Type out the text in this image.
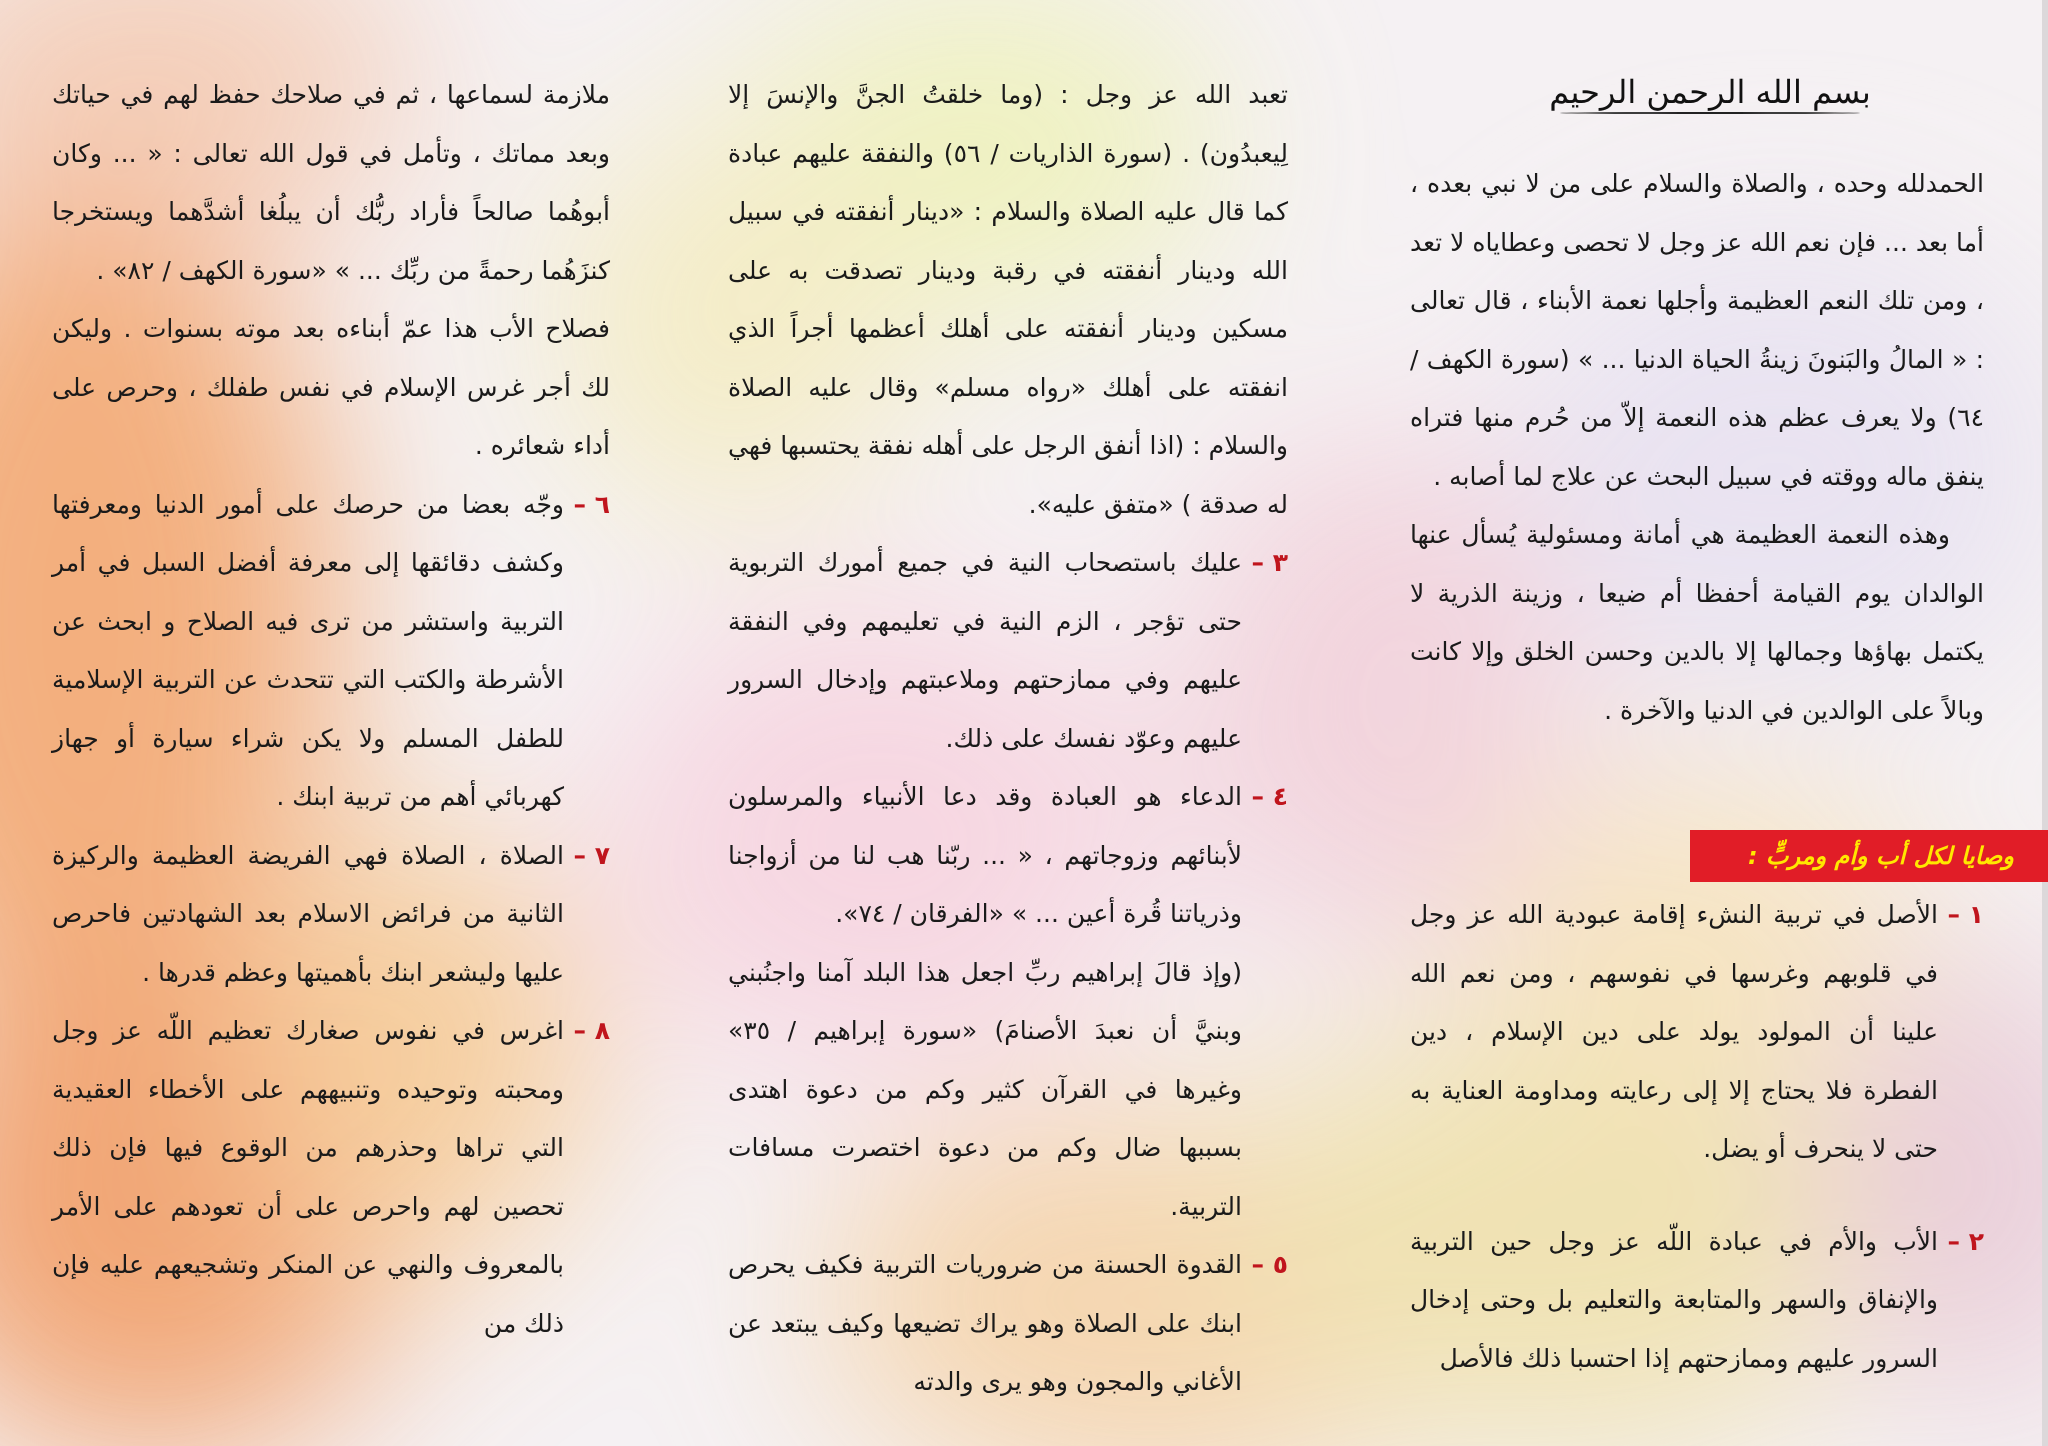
بسم الله الرحمن الرحيم

الحمدلله وحده ، والصلاة والسلام على من لا نبي بعده ، أما بعد ... فإن نعم الله عز وجل لا تحصى وعطاياه لا تعد ، ومن تلك النعم العظيمة وأجلها نعمة الأبناء ، قال تعالى : « المالُ والبَنونَ زينةُ الحياة الدنيا ... » (سورة الكهف / ٦٤) ولا يعرف عظم هذه النعمة إلاّ من حُرم منها فتراه ينفق ماله ووقته في سبيل البحث عن علاج لما أصابه .

وهذه النعمة العظيمة هي أمانة ومسئولية يُسأل عنها الوالدان يوم القيامة أحفظا أم ضيعا ، وزينة الذرية لا يكتمل بهاؤها وجمالها إلا بالدين وحسن الخلق وإلا كانت وبالاً على الوالدين في الدنيا والآخرة .

١ –
الأصل في تربية النشء إقامة عبودية الله عز وجل في قلوبهم وغرسها في نفوسهم ، ومن نعم الله علينا أن المولود يولد على دين الإسلام ، دين الفطرة فلا يحتاج إلا إلى رعايته ومداومة العناية به حتى لا ينحرف أو يضل.
٢ –
الأب والأم في عبادة اللّه عز وجل حين التربية والإنفاق والسهر والمتابعة والتعليم بل وحتى إدخال السرور عليهم وممازحتهم إذا احتسبا ذلك فالأصل
وصايا لكل أب وأم ومربٍّ :

تعبد الله عز وجل : (وما خلقتُ الجنَّ والإنسَ إلا لِيعبدُون) . (سورة الذاريات / ٥٦) والنفقة عليهم عبادة كما قال عليه الصلاة والسلام : «دينار أنفقته في سبيل الله ودينار أنفقته في رقبة ودينار تصدقت به على مسكين ودينار أنفقته على أهلك أعظمها أجراً الذي انفقته على أهلك «رواه مسلم» وقال عليه الصلاة والسلام : (اذا أنفق الرجل على أهله نفقة يحتسبها فهي له صدقة ) «متفق عليه».

٣ –
عليك باستصحاب النية في جميع أمورك التربوية حتى تؤجر ، الزم النية في تعليمهم وفي النفقة عليهم وفي ممازحتهم وملاعبتهم وإدخال السرور عليهم وعوّد نفسك على ذلك.
٤ –
الدعاء هو العبادة وقد دعا الأنبياء والمرسلون لأبنائهم وزوجاتهم ، « ... ربّنا هب لنا من أزواجنا وذرياتنا قُرة أعين ... » «الفرقان / ٧٤».

(وإذ قالَ إبراهيم ربِّ اجعل هذا البلد آمنا واجنُبني وبنيَّ أن نعبدَ الأصنامَ) «سورة إبراهيم / ٣٥» وغيرها في القرآن كثير وكم من دعوة اهتدى بسببها ضال وكم من دعوة اختصرت مسافات التربية.

٥ –
القدوة الحسنة من ضروريات التربية فكيف يحرص ابنك على الصلاة وهو يراك تضيعها وكيف يبتعد عن الأغاني والمجون وهو يرى والدته

ملازمة لسماعها ، ثم في صلاحك حفظ لهم في حياتك وبعد مماتك ، وتأمل في قول الله تعالى : « ... وكان أبوهُما صالحاً فأراد ربُّك أن يبلُغا أشدَّهما ويستخرجا كنزَهُما رحمةً من ربِّك ... » «سورة الكهف / ٨٢» .

فصلاح الأب هذا عمّ أبناءه بعد موته بسنوات . وليكن لك أجر غرس الإسلام في نفس طفلك ، وحرص على أداء شعائره .

٦ –
وجّه بعضا من حرصك على أمور الدنيا ومعرفتها وكشف دقائقها إلى معرفة أفضل السبل في أمر التربية واستشر من ترى فيه الصلاح و ابحث عن الأشرطة والكتب التي تتحدث عن التربية الإسلامية للطفل المسلم ولا يكن شراء سيارة أو جهاز كهربائي أهم من تربية ابنك .
٧ –
الصلاة ، الصلاة فهي الفريضة العظيمة والركيزة الثانية من فرائض الاسلام بعد الشهادتين فاحرص عليها وليشعر ابنك بأهميتها وعظم قدرها .
٨ –
اغرس في نفوس صغارك تعظيم اللّه عز وجل ومحبته وتوحيده وتنبيههم على الأخطاء العقيدية التي تراها وحذرهم من الوقوع فيها فإن ذلك تحصين لهم واحرص على أن تعودهم على الأمر بالمعروف والنهي عن المنكر وتشجيعهم عليه فإن ذلك من
